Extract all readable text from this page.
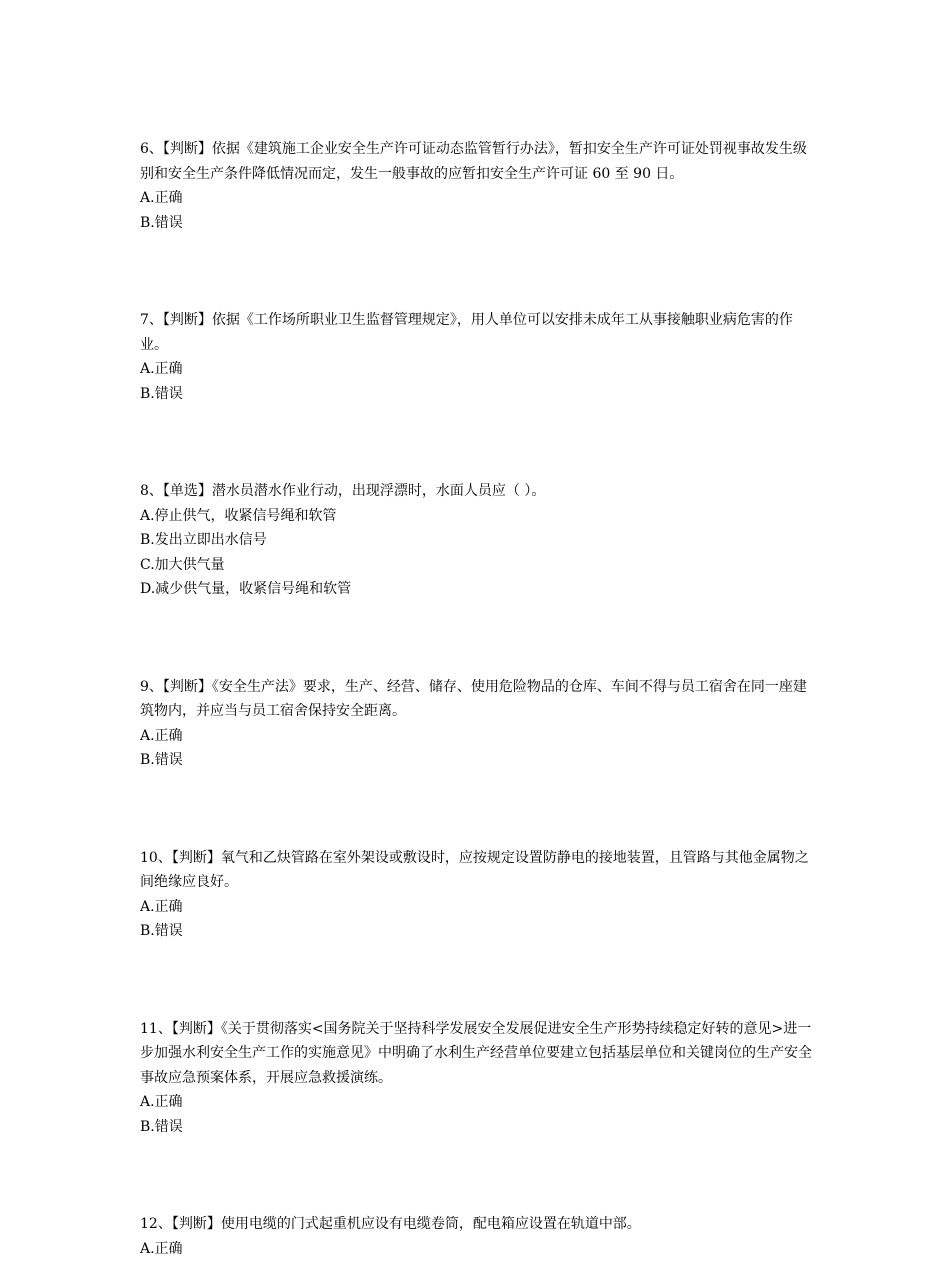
6、【判断】依据《建筑施工企业安全生产许可证动态监管暂行办法》，暂扣安全生产许可证处罚视事故发生级别和安全生产条件降低情况而定，发生一般事故的应暂扣安全生产许可证 60 至 90 日。
A.正确
B.错误
7、【判断】依据《工作场所职业卫生监督管理规定》，用人单位可以安排未成年工从事接触职业病危害的作业。
A.正确
B.错误
8、【单选】潜水员潜水作业行动，出现浮漂时，水面人员应（ ）。
A.停止供气，收紧信号绳和软管
B.发出立即出水信号
C.加大供气量
D.减少供气量，收紧信号绳和软管
9、【判断】《安全生产法》要求，生产、经营、储存、使用危险物品的仓库、车间不得与员工宿舍在同一座建筑物内，并应当与员工宿舍保持安全距离。
A.正确
B.错误
10、【判断】氧气和乙炔管路在室外架设或敷设时，应按规定设置防静电的接地装置，且管路与其他金属物之间绝缘应良好。
A.正确
B.错误
11、【判断】《关于贯彻落实<国务院关于坚持科学发展安全发展促进安全生产形势持续稳定好转的意见>进一步加强水利安全生产工作的实施意见》中明确了水利生产经营单位要建立包括基层单位和关键岗位的生产安全事故应急预案体系，开展应急救援演练。
A.正确
B.错误
12、【判断】使用电缆的门式起重机应设有电缆卷筒，配电箱应设置在轨道中部。
A.正确
